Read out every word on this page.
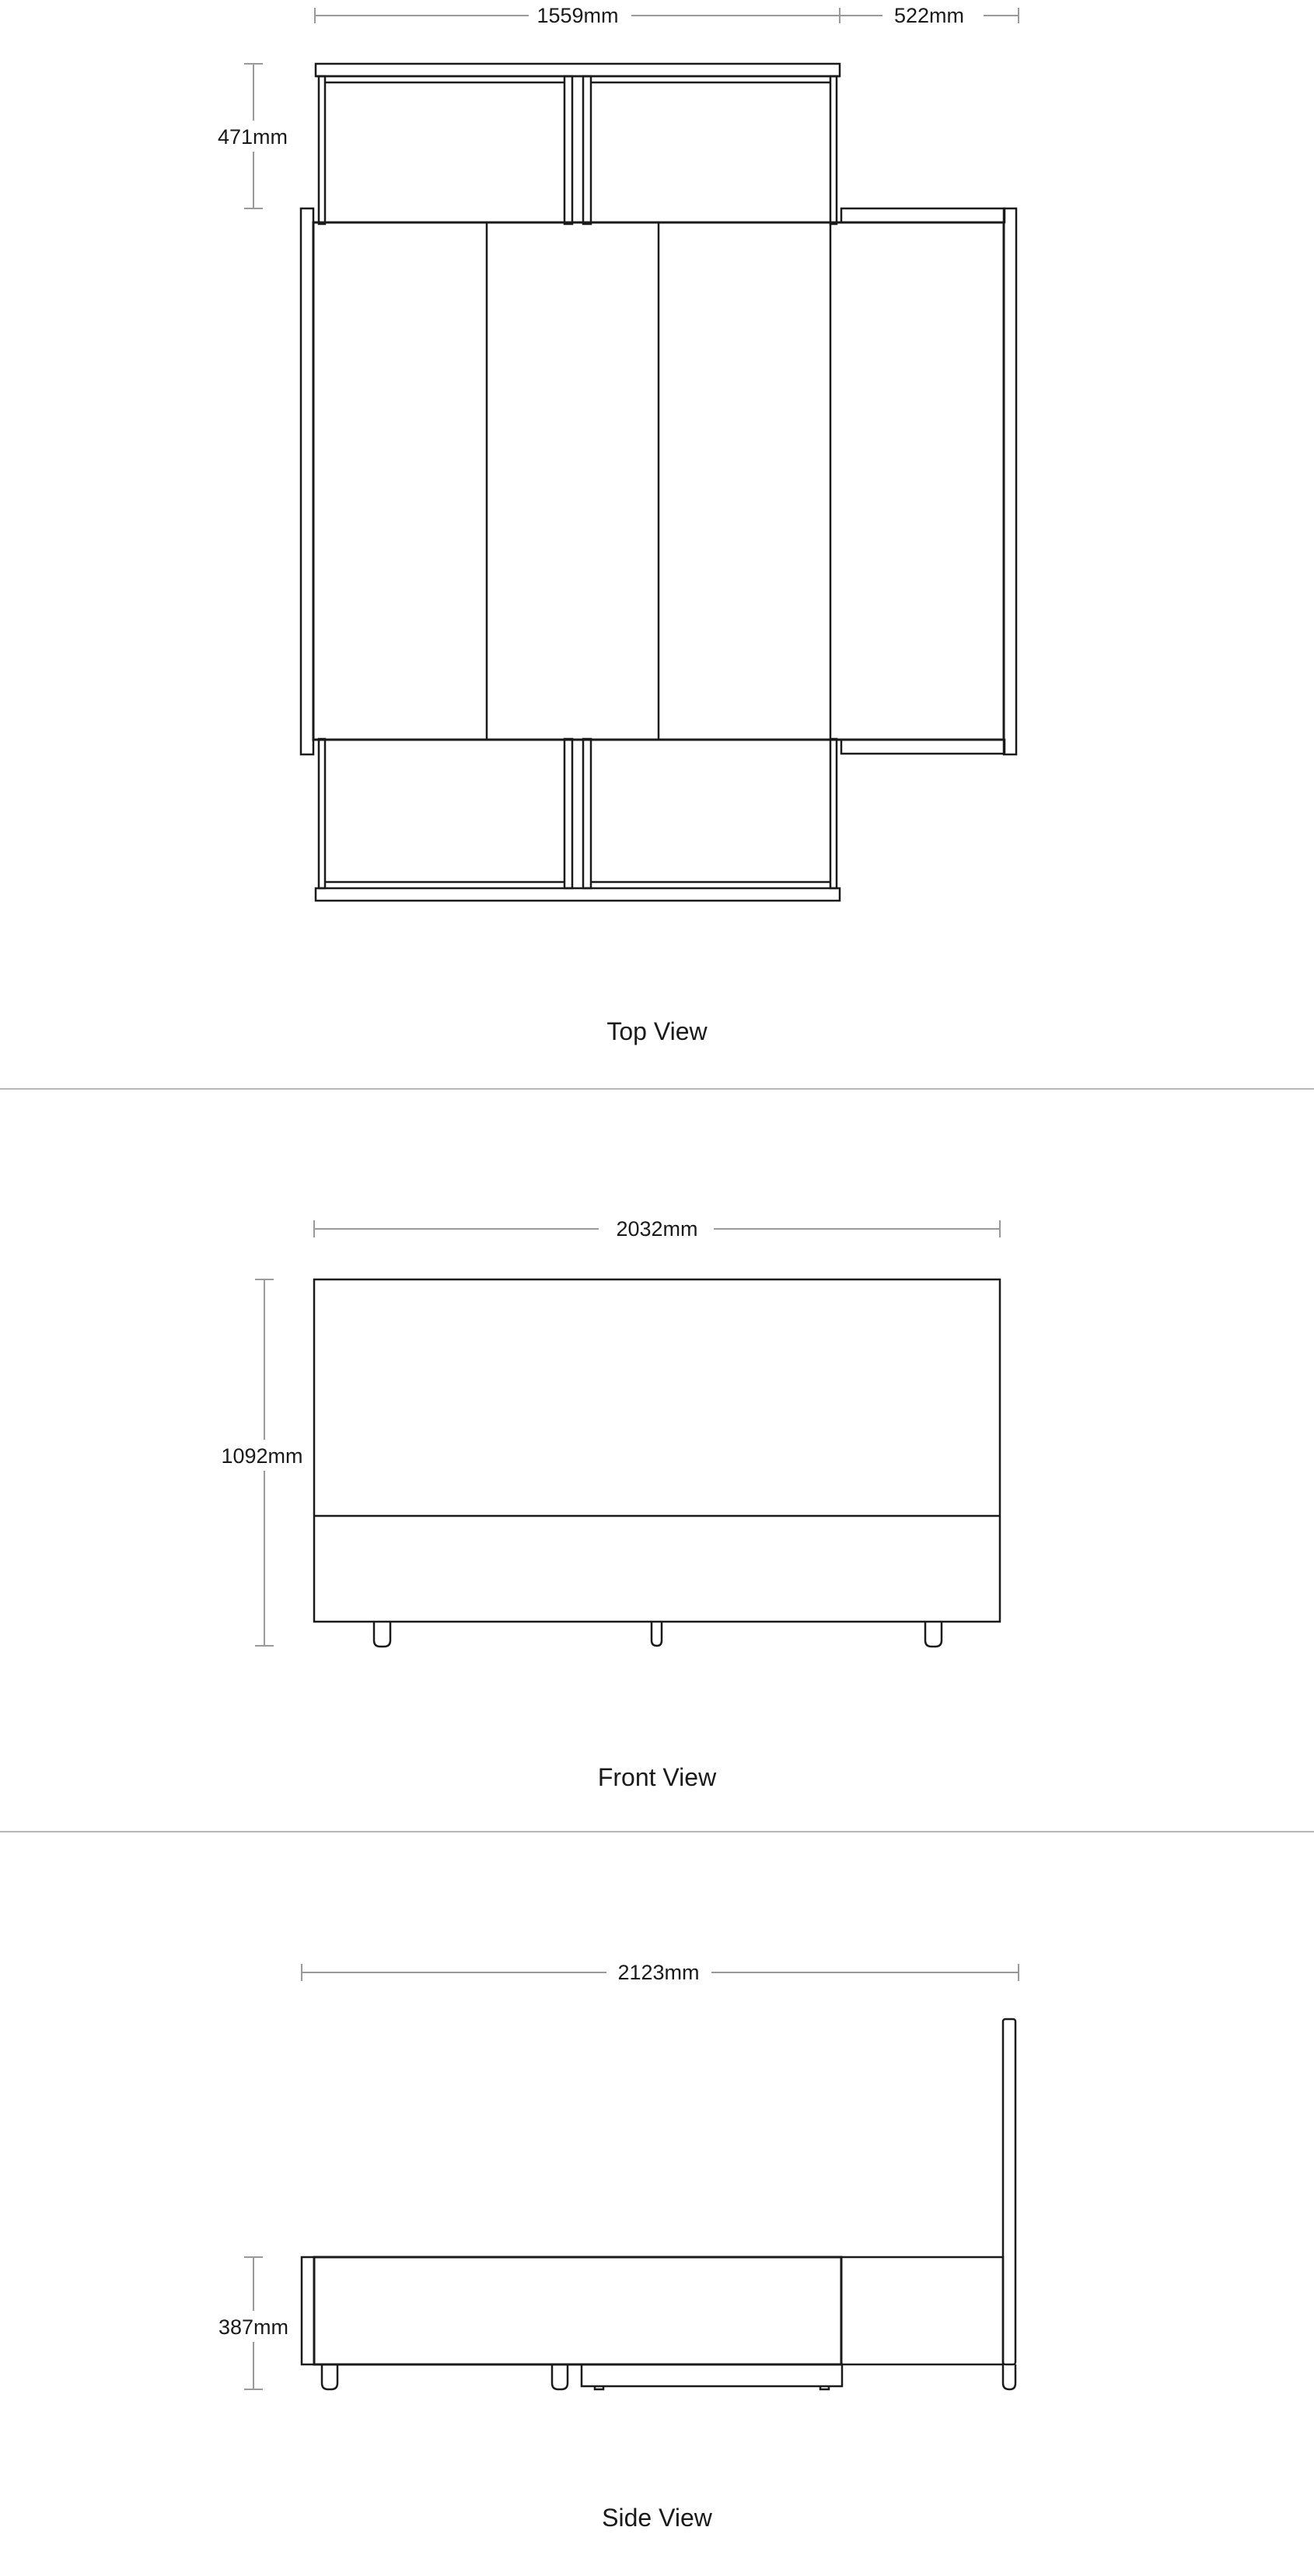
1559mm	522mm
471mm
Top View
2032mm
1092mm
Front View
2123mm
387mm
Side View
